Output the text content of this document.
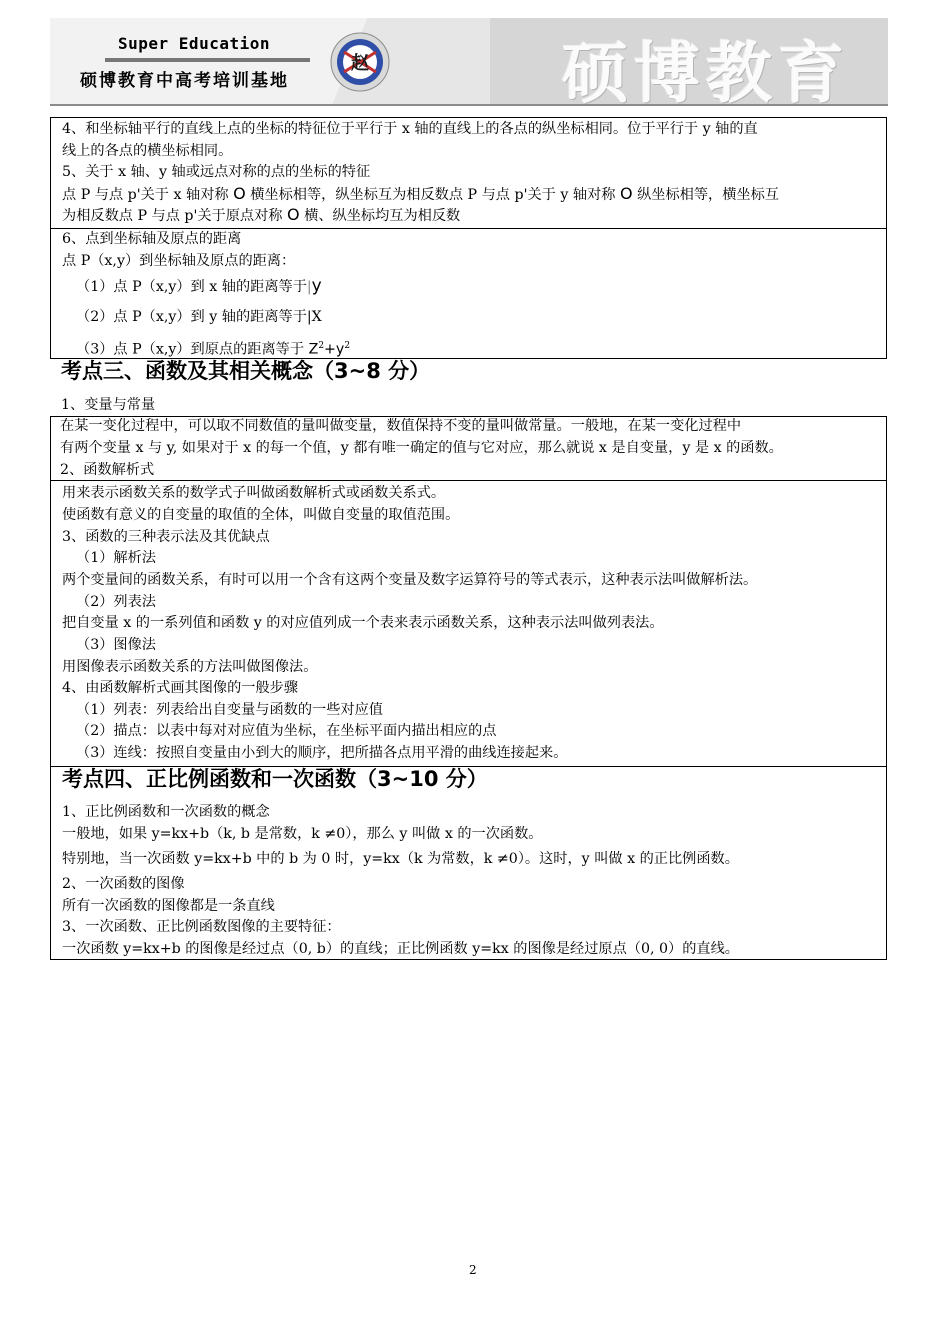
Super Education
硕博教育中高考培训基地
赵	硕博教育
4、和坐标轴平行的直线上点的坐标的特征位于平行于 x 轴的直线上的各点的纵坐标相同。位于平行于 y 轴的直
线上的各点的横坐标相同。
5、关于 x 轴、y 轴或远点对称的点的坐标的特征
点 P 与点 p'关于 x 轴对称 O 横坐标相等，纵坐标互为相反数点 P 与点 p'关于 y 轴对称 O 纵坐标相等，横坐标互
为相反数点 P 与点 p'关于原点对称 O 横、纵坐标均互为相反数
6、点到坐标轴及原点的距离
点 P（x,y）到坐标轴及原点的距离：
（1）点 P（x,y）到 x 轴的距离等于|y
（2）点 P（x,y）到 y 轴的距离等于|X
（3）点 P（x,y）到原点的距离等于 $Z^2+y^2$
考点三、函数及其相关概念（3~8 分）
1、变量与常量
在某一变化过程中，可以取不同数值的量叫做变量，数值保持不变的量叫做常量。一般地，在某一变化过程中
有两个变量 x 与 y, 如果对于 x 的每一个值，y 都有唯一确定的值与它对应，那么就说 x 是自变量，y 是 x 的函数。
2、函数解析式
用来表示函数关系的数学式子叫做函数解析式或函数关系式。
使函数有意义的自变量的取值的全体，叫做自变量的取值范围。
3、函数的三种表示法及其优缺点
（1）解析法
两个变量间的函数关系，有时可以用一个含有这两个变量及数字运算符号的等式表示，这种表示法叫做解析法。
（2）列表法
把自变量 x 的一系列值和函数 y 的对应值列成一个表来表示函数关系，这种表示法叫做列表法。
（3）图像法
用图像表示函数关系的方法叫做图像法。
4、由函数解析式画其图像的一般步骤
（1）列表：列表给出自变量与函数的一些对应值
（2）描点：以表中每对对应值为坐标，在坐标平面内描出相应的点
（3）连线：按照自变量由小到大的顺序，把所描各点用平滑的曲线连接起来。
考点四、正比例函数和一次函数（3~10 分）
1、正比例函数和一次函数的概念
一般地，如果 y=kx+b（k, b 是常数，k ≠0），那么 y 叫做 x 的一次函数。
特别地，当一次函数 y=kx+b 中的 b 为 0 时，y=kx（k 为常数，k ≠0）。这时，y 叫做 x 的正比例函数。
2、一次函数的图像
所有一次函数的图像都是一条直线
3、一次函数、正比例函数图像的主要特征：
一次函数 y=kx+b 的图像是经过点（0, b）的直线；正比例函数 y=kx 的图像是经过原点（0, 0）的直线。
2
